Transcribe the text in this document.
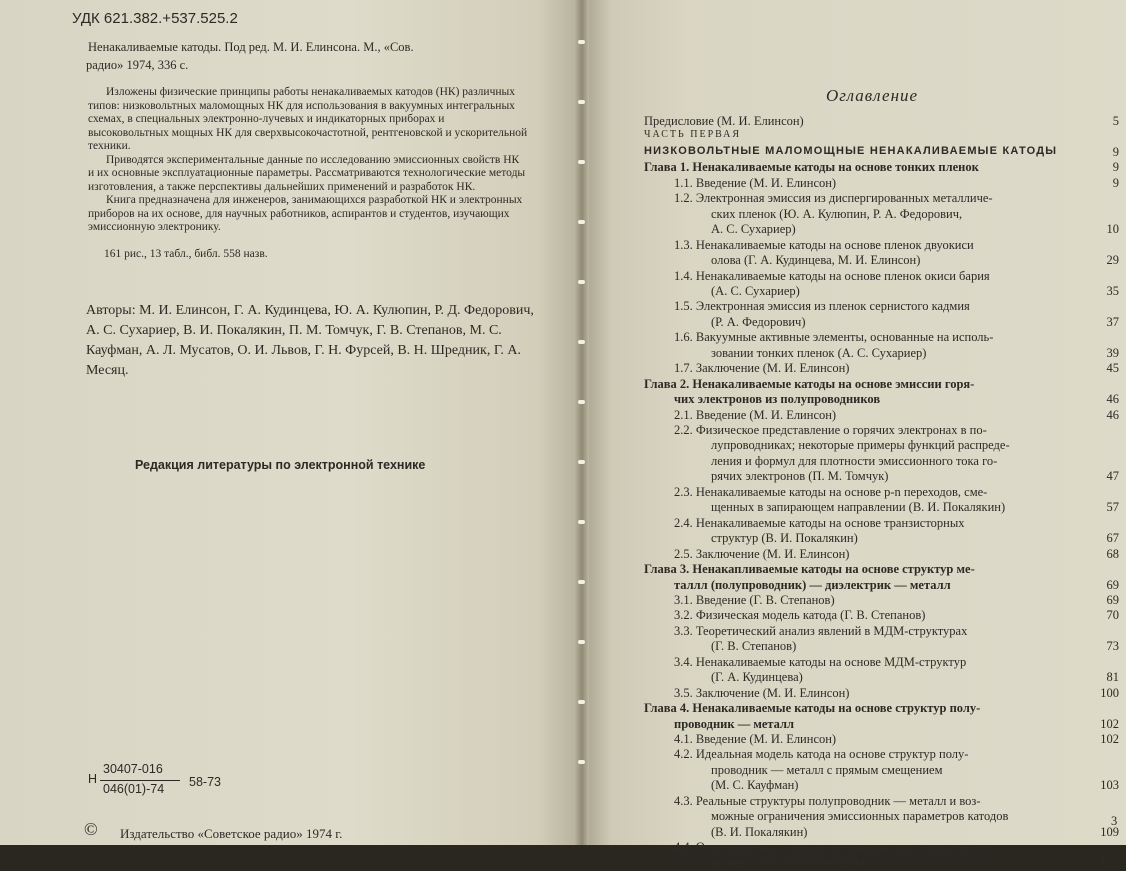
УДК 621.382.+537.525.2
Ненакаливаемые катоды. Под ред. М. И. Елинсона. М., «Сов.
радио» 1974, 336 с.

Изложены физические принципы работы ненакаливаемых катодов (НК) различных типов: низковольтных маломощных НК для использования в вакуумных интегральных схемах, в специальных электронно-лучевых и индикаторных приборах и высоковольтных мощных НК для сверхвысокочастотной, рентгеновской и ускорительной техники.

Приводятся экспериментальные данные по исследованию эмиссионных свойств НК и их основные эксплуатационные параметры. Рассматриваются технологические методы изготовления, а также перспективы дальнейших применений и разработок НК.

Книга предназначена для инженеров, занимающихся разработкой НК и электронных приборов на их основе, для научных работников, аспирантов и студентов, изучающих эмиссионную электронику.

161 рис., 13 табл., библ. 558 назв.
Авторы: М. И. Елинсон, Г. А. Кудинцева, Ю. А. Кулюпин, Р. Д. Федорович, А. С. Сухариер, В. И. Покалякин, П. М. Томчук, Г. В. Степанов, М. С. Кауфман, А. Л. Мусатов, О. И. Львов, Г. Н. Фурсей, В. Н. Шредник, Г. А. Месяц.
Редакция литературы по электронной технике
Н
30407-016
046(01)-74 58-73
© Издательство «Советское радио» 1974 г.
Предисловие (М. И. Елинсон)	5
ЧАСТЬ ПЕРВАЯ
НИЗКОВОЛЬТНЫЕ МАЛОМОЩНЫЕ НЕНАКАЛИВАЕМЫЕ КАТОДЫ	9
Глава 1. Ненакаливаемые катоды на основе тонких пленок	9
1.1. Введение (М. И. Елинсон)	9
1.2. Электронная эмиссия из диспергированных металличе-
ских пленок (Ю. А. Кулюпин, Р. А. Федорович,
А. С. Сухариер)	10
1.3. Ненакаливаемые катоды на основе пленок двуокиси
олова (Г. А. Кудинцева, М. И. Елинсон)	29
1.4. Ненакаливаемые катоды на основе пленок окиси бария
(А. С. Сухариер)	35
1.5. Электронная эмиссия из пленок сернистого кадмия
(Р. А. Федорович)	37
1.6. Вакуумные активные элементы, основанные на исполь-
зовании тонких пленок (А. С. Сухариер)	39
1.7. Заключение (М. И. Елинсон)	45
Глава 2. Ненакаливаемые катоды на основе эмиссии горя-
чих электронов из полупроводников	46
2.1. Введение (М. И. Елинсон)	46
2.2. Физическое представление о горячих электронах в по-
лупроводниках; некоторые примеры функций распреде-
ления и формул для плотности эмиссионного тока го-
рячих электронов (П. М. Томчук)	47
2.3. Ненакаливаемые катоды на основе p-n переходов, сме-
щенных в запирающем направлении (В. И. Покалякин)	57
2.4. Ненакаливаемые катоды на основе транзисторных
структур (В. И. Покалякин)	67
2.5. Заключение (М. И. Елинсон)	68
Глава 3. Ненакапливаемые катоды на основе структур ме-
таллл (полупроводник) — диэлектрик — металл	69
3.1. Введение (Г. В. Степанов)	69
3.2. Физическая модель катода (Г. В. Степанов)	70
3.3. Теоретический анализ явлений в МДМ-структурах
(Г. В. Степанов)	73
3.4. Ненакаливаемые катоды на основе МДМ-структур
(Г. А. Кудинцева)	81
3.5. Заключение (М. И. Елинсон)	100
Глава 4. Ненакаливаемые катоды на основе структур полу-
проводник — металл	102
4.1. Введение (М. И. Елинсон)	102
4.2. Идеальная модель катода на основе структур полу-
проводник — металл с прямым смещением
(М. С. Кауфман)	103
4.3. Реальные структуры полупроводник — металл и воз-
можные ограничения эмиссионных параметров катодов
(В. И. Покалякин)	109
4.4. О прохождении горячих электронов через тонкие плен-
ки металлов (Г. В. Степанов)	122
3
Оглавление
